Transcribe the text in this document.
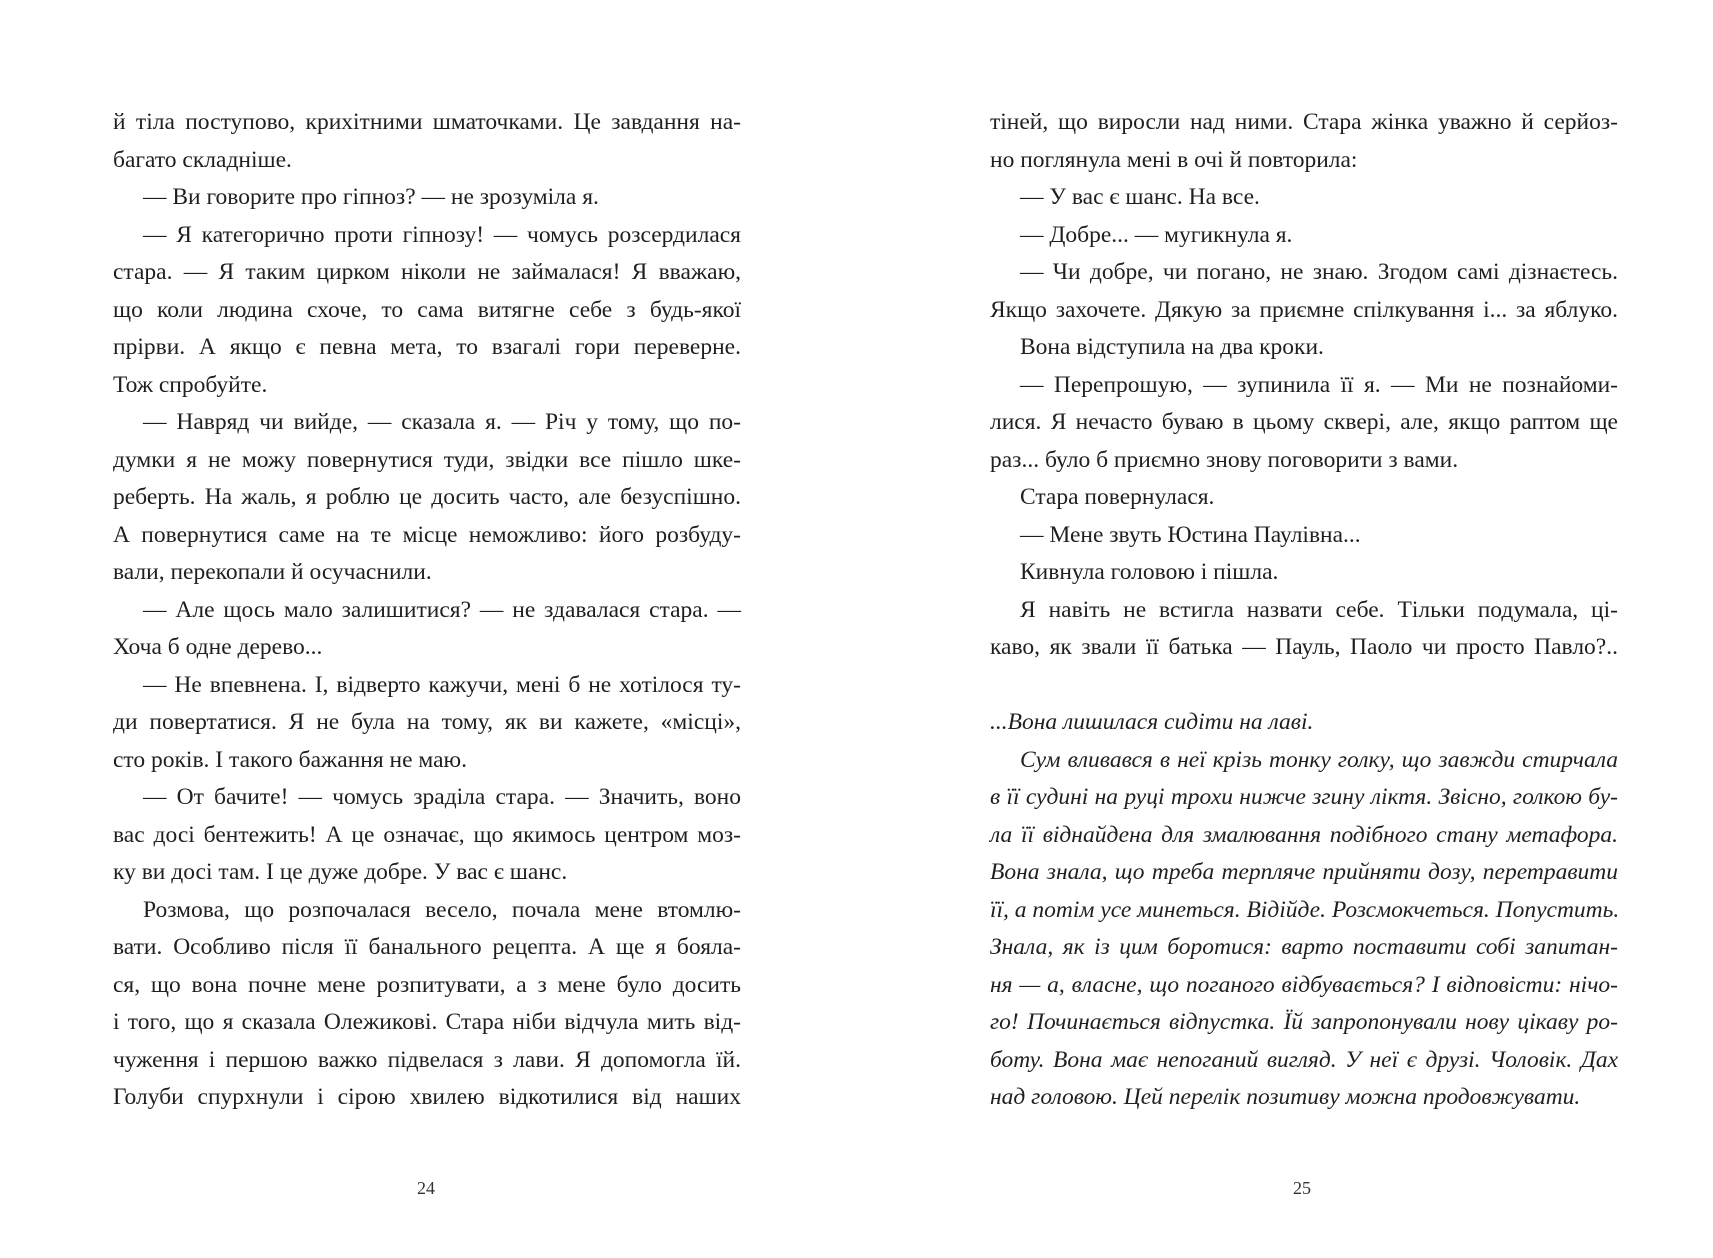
й тіла поступово, крихітними шматочками. Це завдання на-
багато складніше.
— Ви говорите про гіпноз? — не зрозуміла я.
— Я категорично проти гіпнозу! — чомусь розсердилася
стара. — Я таким цирком ніколи не займалася! Я вважаю,
що коли людина схоче, то сама витягне себе з будь-якої
прірви. А якщо є певна мета, то взагалі гори переверне.
Тож спробуйте.
— Навряд чи вийде, — сказала я. — Річ у тому, що по-
думки я не можу повернутися туди, звідки все пішло шке-
реберть. На жаль, я роблю це досить часто, але безуспішно.
А повернутися саме на те місце неможливо: його розбуду-
вали, перекопали й осучаснили.
— Але щось мало залишитися? — не здавалася стара. —
Хоча б одне дерево...
— Не впевнена. І, відверто кажучи, мені б не хотілося ту-
ди повертатися. Я не була на тому, як ви кажете, «місці»,
сто років. І такого бажання не маю.
— От бачите! — чомусь зраділа стара. — Значить, воно
вас досі бентежить! А це означає, що якимось центром моз-
ку ви досі там. І це дуже добре. У вас є шанс.
Розмова, що розпочалася весело, почала мене втомлю-
вати. Особливо після її банального рецепта. А ще я бояла-
ся, що вона почне мене розпитувати, а з мене було досить
і того, що я сказала Олежикові. Стара ніби відчула мить від-
чуження і першою важко підвелася з лави. Я допомогла їй.
Голуби спурхнули і сірою хвилею відкотилися від наших
24
тіней, що виросли над ними. Стара жінка уважно й серйоз-
но поглянула мені в очі й повторила:
— У вас є шанс. На все.
— Добре... — мугикнула я.
— Чи добре, чи погано, не знаю. Згодом самі дізнаєтесь.
Якщо захочете. Дякую за приємне спілкування і... за яблуко.
Вона відступила на два кроки.
— Перепрошую, — зупинила її я. — Ми не познайоми-
лися. Я нечасто буваю в цьому сквері, але, якщо раптом ще
раз... було б приємно знову поговорити з вами.
Стара повернулася.
— Мене звуть Юстина Паулівна...
Кивнула головою і пішла.
Я навіть не встигла назвати себе. Тільки подумала, ці-
каво, як звали її батька — Пауль, Паоло чи просто Павло?..
...Вона лишилася сидіти на лаві.
Сум вливався в неї крізь тонку голку, що завжди стирчала
в її судині на руці трохи нижче згину ліктя. Звісно, голкою бу-
ла її віднайдена для змалювання подібного стану метафора.
Вона знала, що треба терпляче прийняти дозу, перетравити
її, а потім усе минеться. Відійде. Розсмокчеться. Попустить.
Знала, як із цим боротися: варто поставити собі запитан-
ня — а, власне, що поганого відбувається? І відповісти: нічо-
го! Починається відпустка. Їй запропонували нову цікаву ро-
боту. Вона має непоганий вигляд. У неї є друзі. Чоловік. Дах
над головою. Цей перелік позитиву можна продовжувати.
25
